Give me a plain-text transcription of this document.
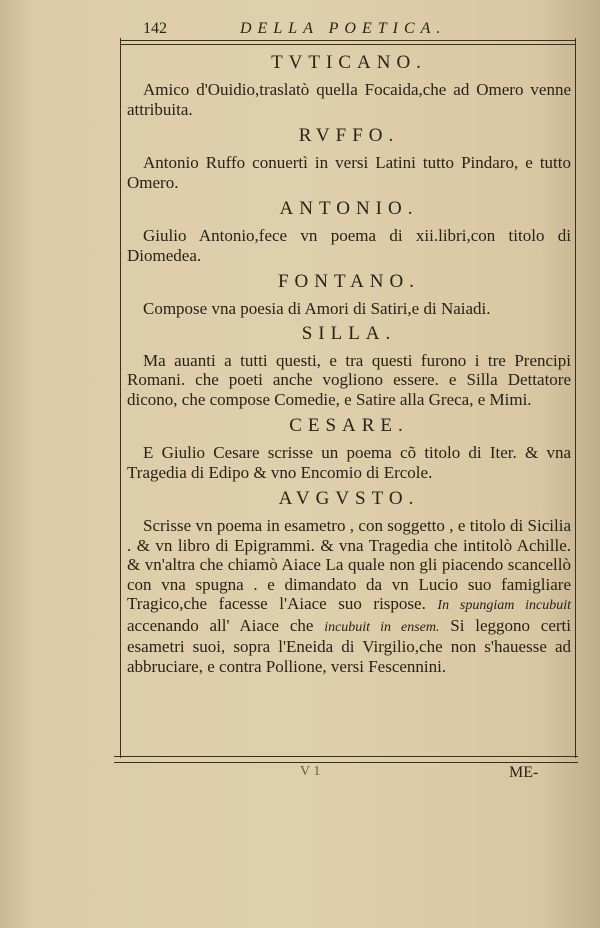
142	DELLA POETICA.
TVTICANO.

Amico d'Ouidio,traslatò quella Focaida,che ad Omero venne attribuita.

RVFFO.

Antonio Ruffo conuertì in versi Latini tutto Pindaro, e tutto Omero.

ANTONIO.

Giulio Antonio,fece vn poema di xii.libri,con titolo di Diomedea.

FONTANO.

Compose vna poesia di Amori di Satiri,e di Naiadi.

SILLA.

Ma auanti a tutti questi, e tra questi furono i tre Prencipi Romani. che poeti anche vogliono essere. e Silla Dettatore dicono, che compose Comedie, e Satire alla Greca, e Mimi.

CESARE.

E Giulio Cesare scrisse un poema cõ titolo di Iter. & vna Tragedia di Edipo & vno Encomio di Ercole.

AVGVSTO.

Scrisse vn poema in esametro , con soggetto , e titolo di Sicilia . & vn libro di Epigrammi. & vna Tragedia che intitolò Achille. & vn'altra che chiamò Aiace La quale non gli piacendo scancellò con vna spugna . e dimandato da vn Lucio suo famigliare Tragico,che facesse l'Aiace suo rispose. In spungiam incubuit accenando all' Aiace che incubuit in ensem. Si leggono certi esametri suoi, sopra l'Eneida di Virgilio,che non s'hauesse ad abbruciare, e contra Pollione, versi Fescennini.

V 1	ME-
